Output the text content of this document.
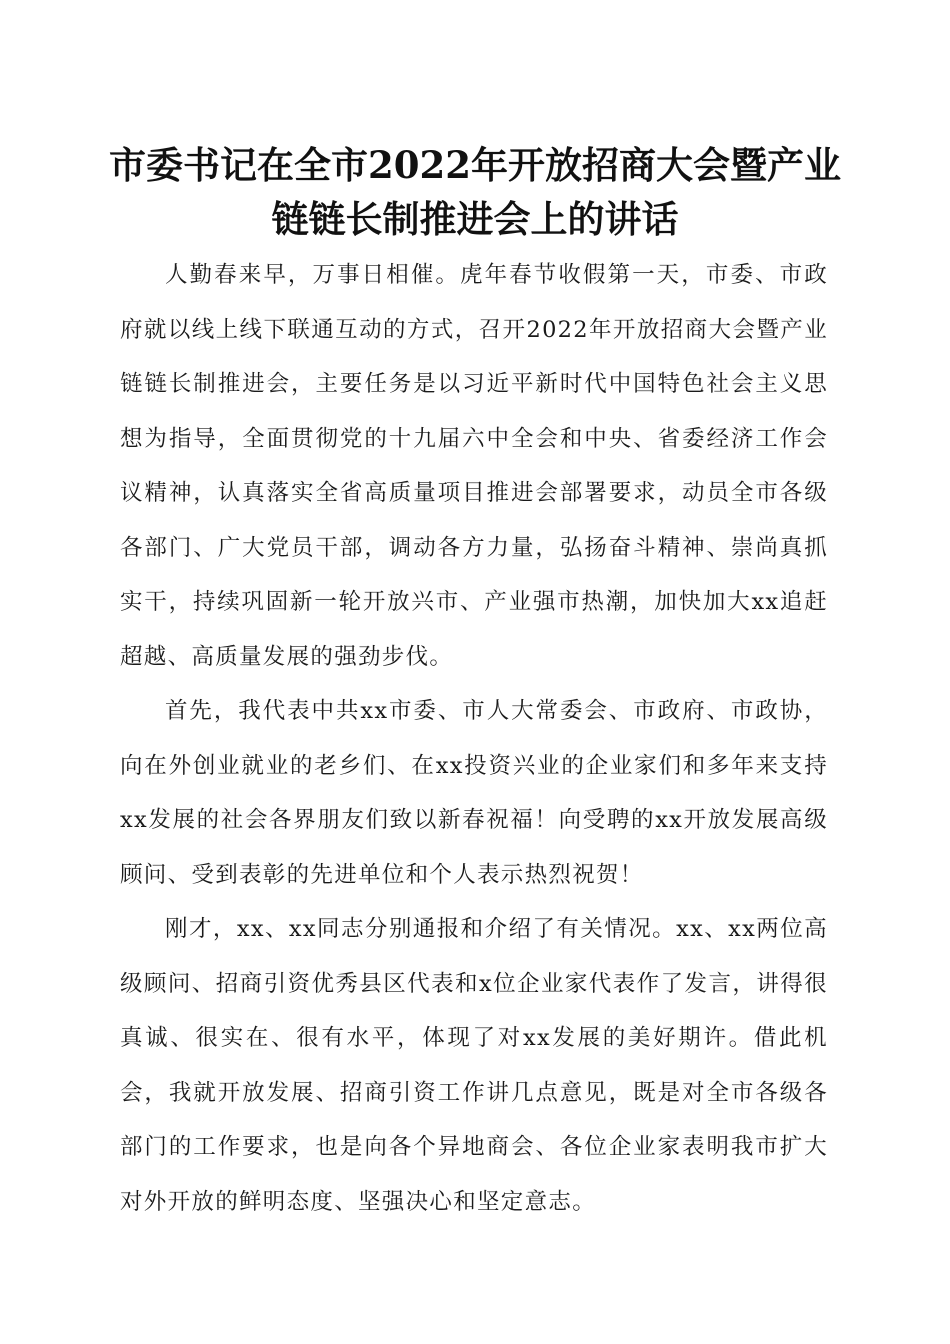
市委书记在全市2022年开放招商大会暨产业
链链长制推进会上的讲话

人勤春来早，万事日相催。虎年春节收假第一天，市委、市政府就以线上线下联通互动的方式，召开2022年开放招商大会暨产业链链长制推进会，主要任务是以习近平新时代中国特色社会主义思想为指导，全面贯彻党的十九届六中全会和中央、省委经济工作会议精神，认真落实全省高质量项目推进会部署要求，动员全市各级各部门、广大党员干部，调动各方力量，弘扬奋斗精神、崇尚真抓实干，持续巩固新一轮开放兴市、产业强市热潮，加快加大xx追赶超越、高质量发展的强劲步伐。

首先，我代表中共xx市委、市人大常委会、市政府、市政协，向在外创业就业的老乡们、在xx投资兴业的企业家们和多年来支持xx发展的社会各界朋友们致以新春祝福！向受聘的xx开放发展高级顾问、受到表彰的先进单位和个人表示热烈祝贺！

刚才，xx、xx同志分别通报和介绍了有关情况。xx、xx两位高级顾问、招商引资优秀县区代表和x位企业家代表作了发言，讲得很真诚、很实在、很有水平，体现了对xx发展的美好期许。借此机会，我就开放发展、招商引资工作讲几点意见，既是对全市各级各部门的工作要求，也是向各个异地商会、各位企业家表明我市扩大对外开放的鲜明态度、坚强决心和坚定意志。
